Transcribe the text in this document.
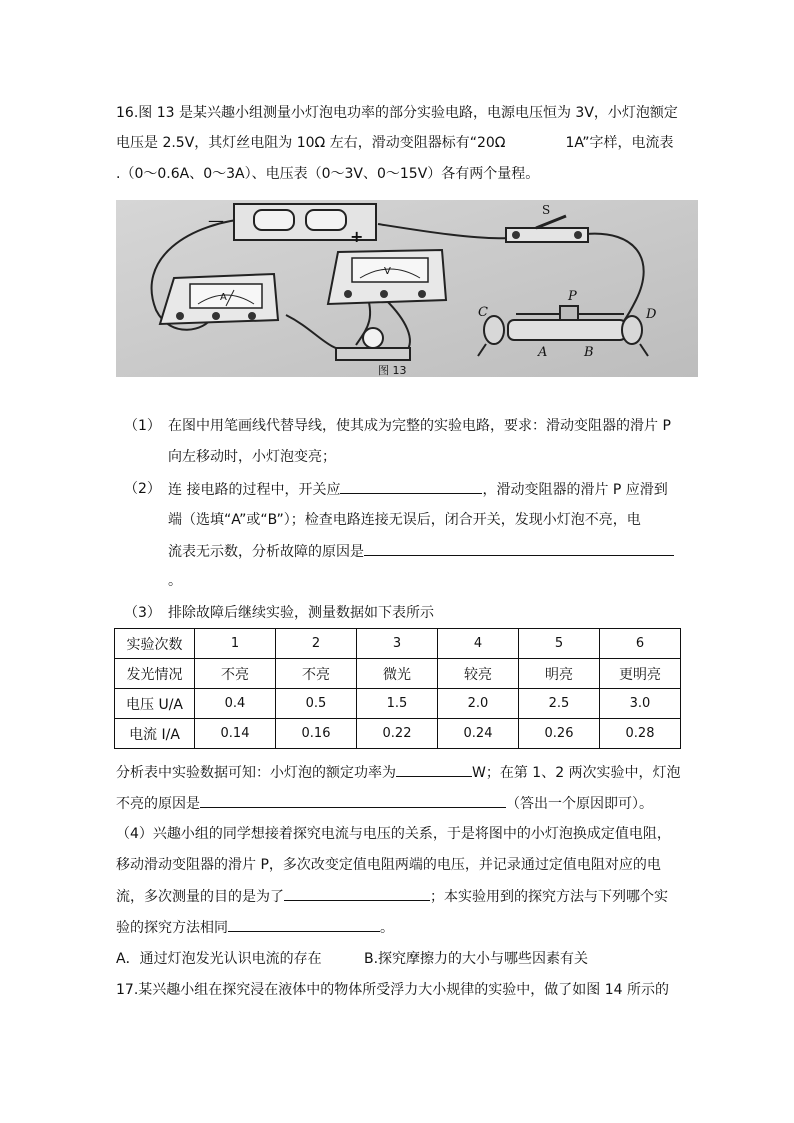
16.图 13 是某兴趣小组测量小灯泡电功率的部分实验电路，电源电压恒为 3V，小灯泡额定
电压是 2.5V，其灯丝电阻为 10Ω 左右，滑动变阻器标有“20Ω	1A”字样，电流表
.（0～0.6A、0～3A）、电压表（0～3V、0～15V）各有两个量程。
—
+
S
A
V
图 13
C
P
D
A	B
（1） 在图中用笔画线代替导线，使其成为完整的实验电路，要求：滑动变阻器的滑片 P
向左移动时，小灯泡变亮；
（2） 连 接电路的过程中，开关应	，滑动变阻器的滑片 P 应滑到
端（选填“A”或“B”）；检查电路连接无误后，闭合开关，发现小灯泡不亮，电
流表无示数，分析故障的原因是
。
（3） 排除故障后继续实验，测量数据如下表所示
实验次数	1	2	3	4	5	6
发光情况	不亮	不亮	微光	较亮	明亮	更明亮
电压 U/A	0.4	0.5	1.5	2.0	2.5	3.0
电流 I/A	0.14	0.16	0.22	0.24	0.26	0.28
分析表中实验数据可知：小灯泡的额定功率为	W；在第 1、2 两次实验中，灯泡
不亮的原因是	（答出一个原因即可）。
（4）兴趣小组的同学想接着探究电流与电压的关系，于是将图中的小灯泡换成定值电阻，
移动滑动变阻器的滑片 P，多次改变定值电阻两端的电压，并记录通过定值电阻对应的电
流，多次测量的目的是为了	；本实验用到的探究方法与下列哪个实
验的探究方法相同	。
A．通过灯泡发光认识电流的存在	B.探究摩擦力的大小与哪些因素有关
17.某兴趣小组在探究浸在液体中的物体所受浮力大小规律的实验中，做了如图 14 所示的
